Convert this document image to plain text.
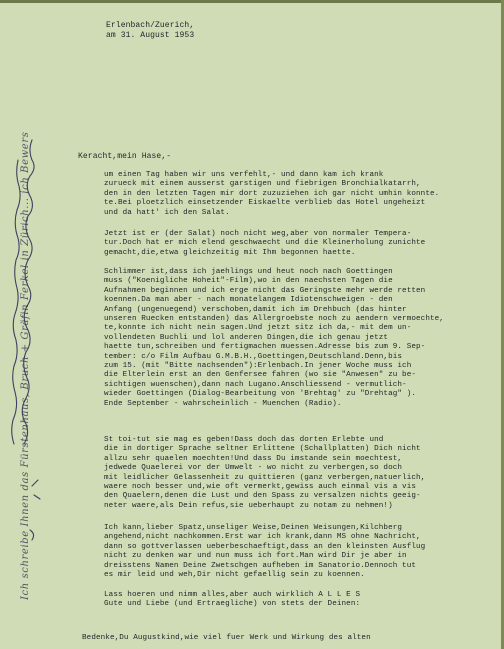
Erlenbach/Zuerich,
am 31. August 1953
Keracht,mein Hase,-
um einen Tag haben wir uns verfehlt,- und dann kam ich krank
zurueck mit einem ausserst garstigen und fiebrigen Bronchialkatarrh,
den in den letzten Tagen mir dort zuzuziehen ich gar nicht umhin konnte.
te.Bei ploetzlich einsetzender Eiskaelte verblieb das Hotel ungeheizt
und da hatt' ich den Salat.
Jetzt ist er (der Salat) noch nicht weg,aber von normaler Tempera-
tur.Doch hat er mich elend geschwaecht und die Kleinerholung zunichte
gemacht,die,etwa gleichzeitig mit Ihm begonnen haette.
Schlimmer ist,dass ich jaehlings und heut noch nach Goettingen
muss ("Koenigliche Hoheit"-Film),wo in den naechsten Tagen die
Aufnahmen beginnen und ich erge nicht das Geringste mehr werde retten
koennen.Da man aber - nach monatelangem Idiotenschweigen - den
Anfang (ungenuegend) verschoben,damit ich im Drehbuch (das hinter
unseren Ruecken entstanden) das Allergroebste noch zu aendern vermoechte,
te,konnte ich nicht nein sagen.Und jetzt sitz ich da,- mit dem un-
vollendeten Buchli und lol anderen Dingen,die ich genau jetzt
haette tun,schreiben und fertigmachen muessen.Adresse bis zum 9. Sep-
tember: c/o Film Aufbau G.M.B.H.,Goettingen,Deutschland.Denn,bis
zum 15. (mit "Bitte nachsenden"):Erlenbach.In jener Woche muss ich
die Elterlein erst an den Genfersee fahren (wo sie "Anwesen" zu be-
sichtigen wuenschen),dann nach Lugano.Anschliessend - vermutlich-
wieder Goettingen (Dialog-Bearbeitung von 'Brehtag' zu "Drehtag" ).
Ende September - wahrscheinlich - Muenchen (Radio).
St toi-tut sie mag es geben!Dass doch das dorten Erlebte und
die in dortiger Sprache seltner Erlittene (Schallplatten) Dich nicht
allzu sehr quaelen moechten!Und dass Du imstande sein moechtest,
jedwede Quaelerei vor der Umwelt - wo nicht zu verbergen,so doch
mit leidlicher Gelassenheit zu quittieren (ganz verbergen,natuerlich,
waere noch besser und,wie oft vermerkt,gewiss auch einmal vis a vis
den Quaelern,denen die Lust und den Spass zu versalzen nichts geeig-
neter waere,als Dein refus,sie ueberhaupt zu notam zu nehmen!)
Ich kann,lieber Spatz,unseliger Weise,Deinen Weisungen,Kilchberg
angehend,nicht nachkommen.Erst war ich krank,dann MS ohne Nachricht,
dann so gottverlassen ueberbeschaeftigt,dass an den kleinsten Ausflug
nicht zu denken war und nun muss ich fort.Man wird Dir je aber in
dreisstens Namen Deine Zwetschgen aufheben im Sanatorio.Dennoch tut
es mir leid und weh,Dir nicht gefaellig sein zu koennen.
Lass hoeren und nimm alles,aber auch wirklich A L L E S
Gute und Liebe (und Ertraegliche) von stets der Deinen:
Bedenke,Du Augustkind,wie viel fuer Werk und Wirkung des alten
Ich schreibe Ihnen das Fürstenhaus, Bruch + Gräfin Ferkel in Zürich... ich Bewers
